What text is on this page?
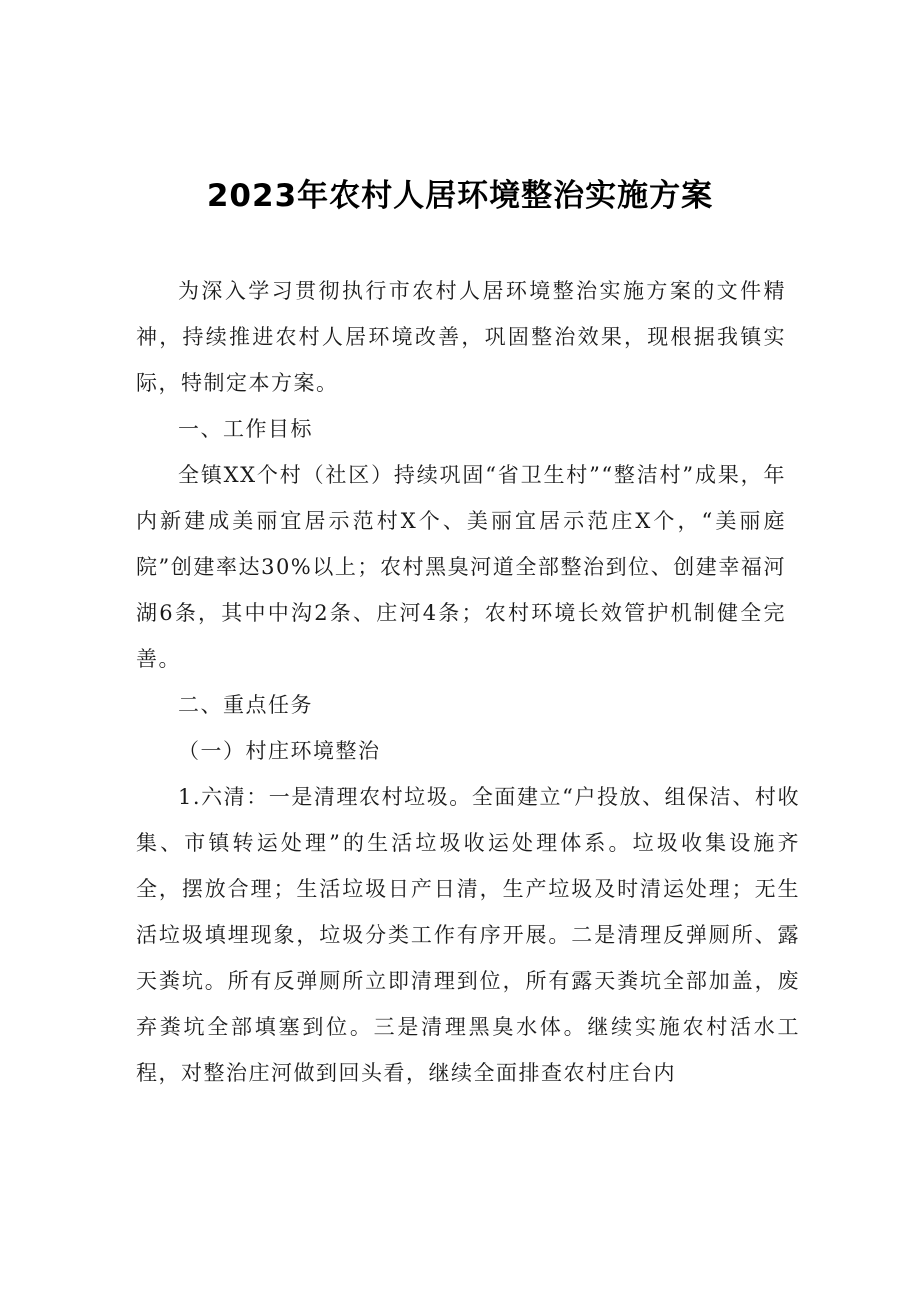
2023年农村人居环境整治实施方案

为深入学习贯彻执行市农村人居环境整治实施方案的文件精神，持续推进农村人居环境改善，巩固整治效果，现根据我镇实际，特制定本方案。

一、工作目标

全镇XX个村（社区）持续巩固“省卫生村”“整洁村”成果，年内新建成美丽宜居示范村X个、美丽宜居示范庄X个，“美丽庭院”创建率达30%以上；农村黑臭河道全部整治到位、创建幸福河湖6条，其中中沟2条、庄河4条；农村环境长效管护机制健全完善。

二、重点任务

（一）村庄环境整治

1.六清：一是清理农村垃圾。全面建立“户投放、组保洁、村收集、市镇转运处理”的生活垃圾收运处理体系。垃圾收集设施齐全，摆放合理；生活垃圾日产日清，生产垃圾及时清运处理；无生活垃圾填埋现象，垃圾分类工作有序开展。二是清理反弹厕所、露天粪坑。所有反弹厕所立即清理到位，所有露天粪坑全部加盖，废弃粪坑全部填塞到位。三是清理黑臭水体。继续实施农村活水工程，对整治庄河做到回头看，继续全面排查农村庄台内
